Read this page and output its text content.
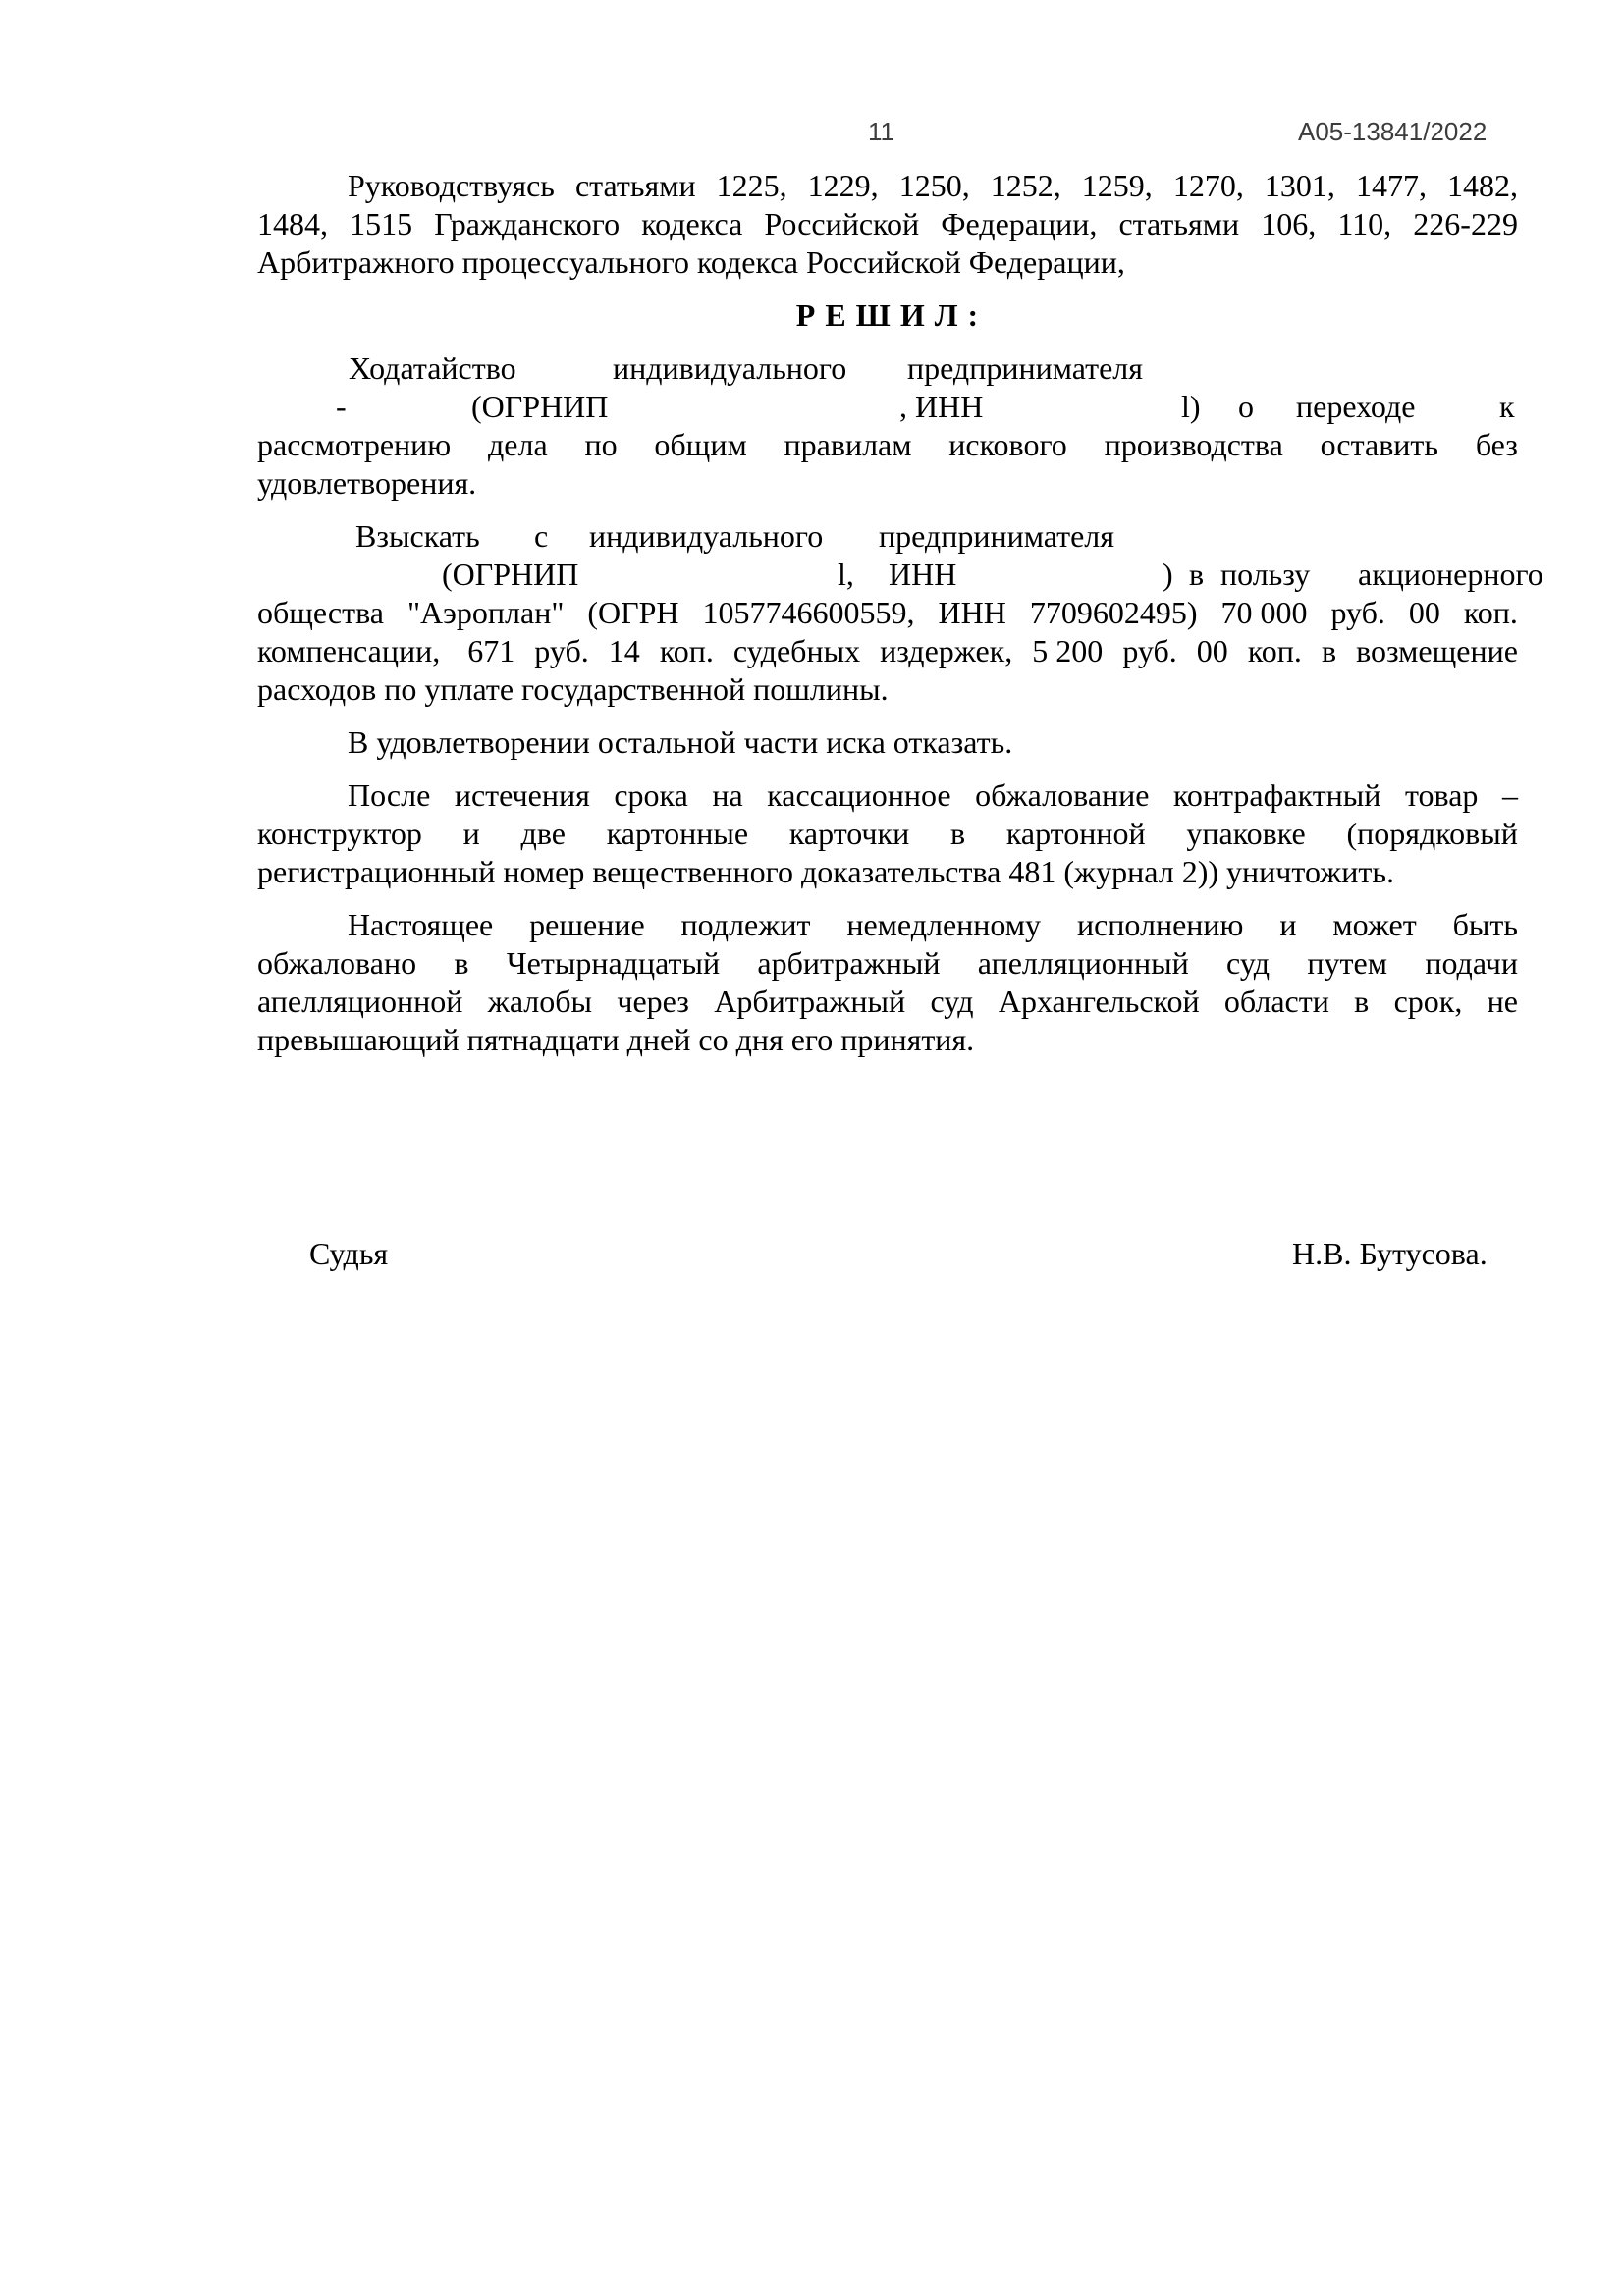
11	А05-13841/2022
Руководствуясь статьями 1225, 1229, 1250, 1252, 1259, 1270, 1301, 1477, 1482,
1484, 1515 Гражданского кодекса Российской Федерации, статьями 106, 110, 226-229
Арбитражного процессуального кодекса Российской Федерации,
Р Е Ш И Л :
Ходатайство	индивидуального предпринимателя
-	(ОГРНИП	, ИНН	l) о переходе	к
рассмотрению дела по общим правилам искового производства оставить без
удовлетворения.
Взыскать с индивидуального предпринимателя
(ОГРНИП	l, ИНН	) в пользу акционерного
общества "Аэроплан" (ОГРН 1057746600559, ИНН 7709602495) 70 000 руб. 00 коп.
компенсации, 671 руб. 14 коп. судебных издержек, 5 200 руб. 00 коп. в возмещение
расходов по уплате государственной пошлины.
В удовлетворении остальной части иска отказать.
После истечения срока на кассационное обжалование контрафактный товар –
конструктор и две картонные карточки в картонной упаковке (порядковый
регистрационный номер вещественного доказательства 481 (журнал 2)) уничтожить.
Настоящее решение подлежит немедленному исполнению и может быть
обжаловано в Четырнадцатый арбитражный апелляционный суд путем подачи
апелляционной жалобы через Арбитражный суд Архангельской области в срок, не
превышающий пятнадцати дней со дня его принятия.
Судья	Н.В. Бутусова.
